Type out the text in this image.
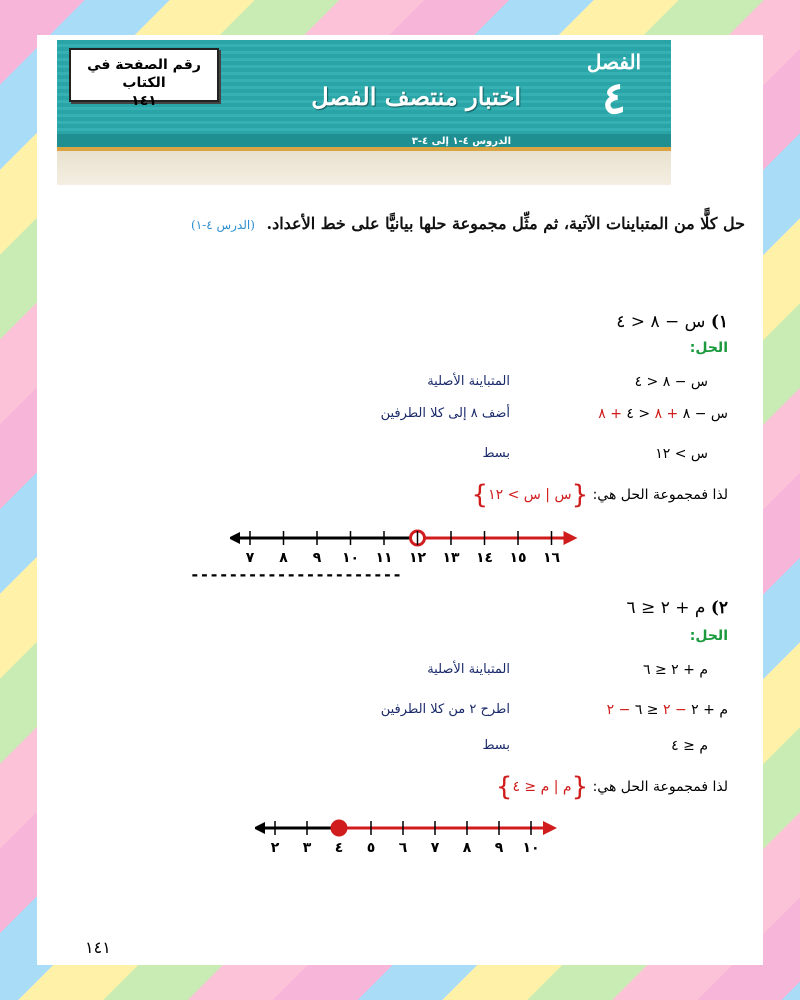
رقم الصفحة في الكتاب
١٤١
الفصل
٤
اختبار منتصف الفصل
الدروس ٤-١ إلى ٤-٣
حل كلًّا من المتباينات الآتية، ثم مثِّل مجموعة حلها بيانيًّا على خط الأعداد. (الدرس ٤-١)
١) س − ٨ < ٤
الحل:
س − ٨ < ٤
المتباينة الأصلية
س − ٨ + ٨ < ٤ + ٨
أضف ٨ إلى كلا الطرفين
س > ١٢
بسط
لذا فمجموعة الحل هي: {س | س > ١٢}
٧ ٨ ٩ ١٠ ١١ ١٢ ١٣ ١٤ ١٥ ١٦
----------------------
٢) م + ٢ ≤ ٦
الحل:
م + ٢ ≤ ٦
المتباينة الأصلية
م + ٢ − ٢ ≤ ٦ − ٢
اطرح ٢ من كلا الطرفين
م ≤ ٤
بسط
لذا فمجموعة الحل هي: {م | م ≤ ٤}
٢ ٣ ٤ ٥ ٦ ٧ ٨ ٩ ١٠
١٤١
